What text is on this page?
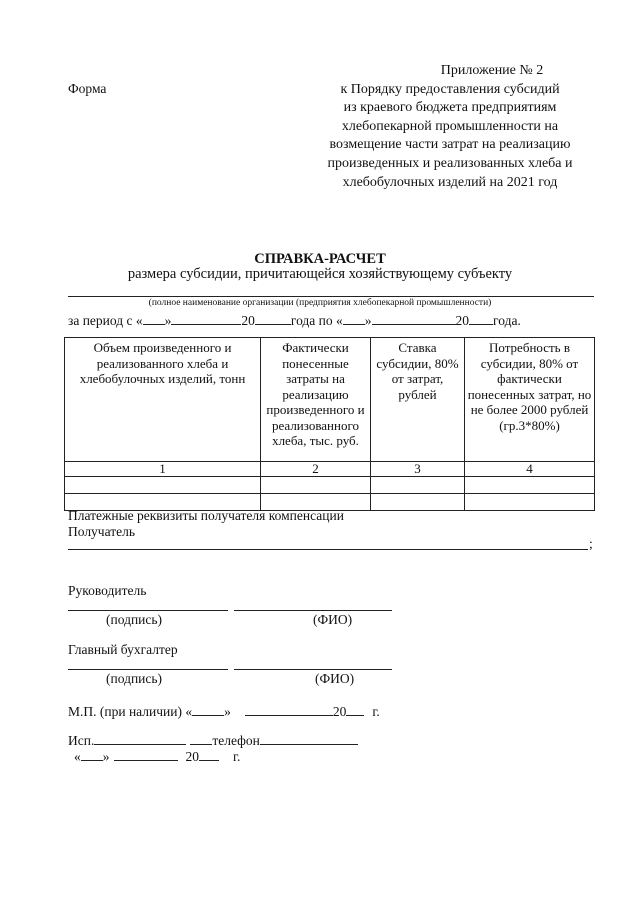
Форма
Приложение № 2
к Порядку предоставления субсидий
из краевого бюджета предприятиям
хлебопекарной промышленности на
возмещение части затрат на реализацию
произведенных и реализованных хлеба и
хлебобулочных изделий на 2021 год
СПРАВКА-РАСЧЕТ
размера субсидии, причитающейся хозяйствующему субъекту
(полное наименование организации (предприятия хлебопекарной промышленности)
за период с « »	20	года по « »	20 года.
Объем произведенного и реализованного хлеба и хлебобулочных изделий, тонн	Фактически понесенные затраты на реализацию произведенного и реализованного хлеба, тыс. руб.	Ставка субсидии, 80% от затрат, рублей	Потребность в субсидии, 80% от фактически понесенных затрат, но не более 2000 рублей (гр.3*80%)
1	2	3	4

Платежные реквизиты получателя компенсации
Получатель
;
Руководитель
(подпись)	(ФИО)
Главный бухгалтер
(подпись)	(ФИО)
М.П. (при наличии) « »	20 г.
Исп.	телефон
« »	20	г.
